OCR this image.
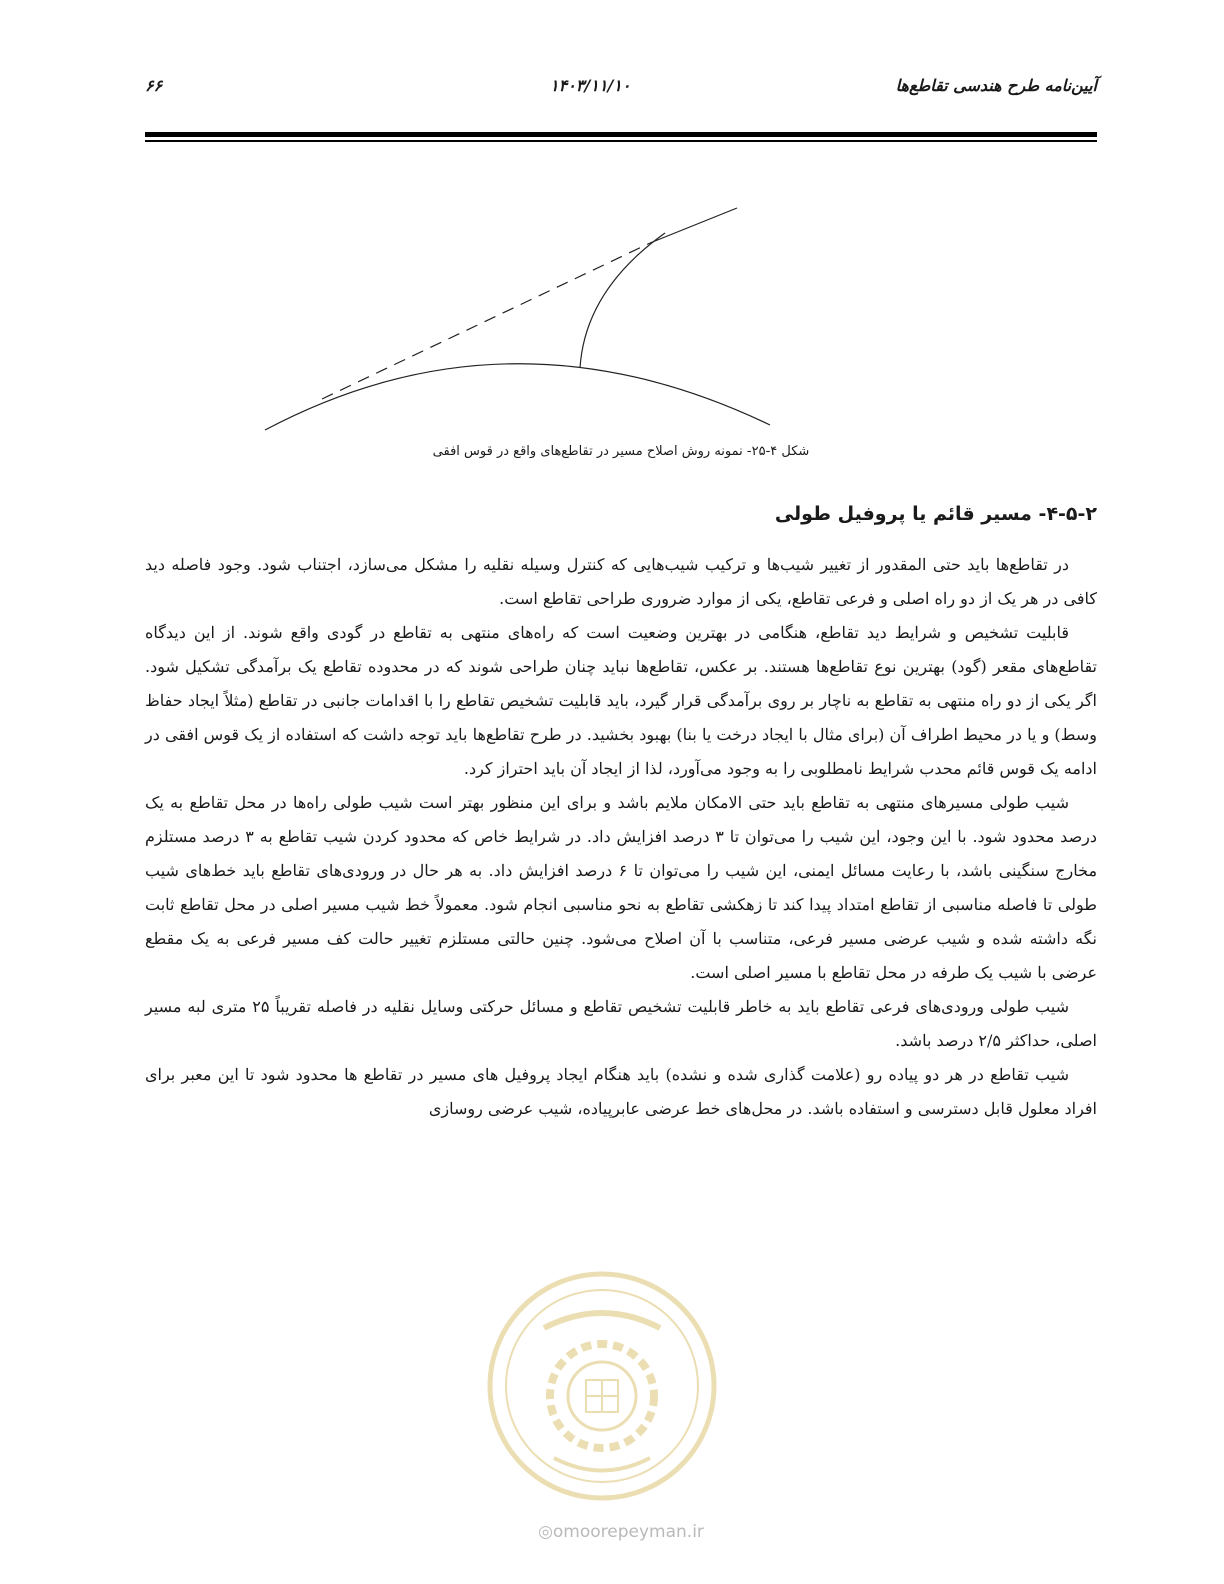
آیین‌نامه طرح هندسی تقاطع‌ها
۱۴۰۳/۱۱/۱۰
۶۶
شکل ۴-۲۵- نمونه روش اصلاح مسیر در تقاطع‌های واقع در قوس افقی
۴-۵-۲- مسیر قائم یا پروفیل طولی

در تقاطع‌ها باید حتی المقدور از تغییر شیب‌ها و ترکیب شیب‌هایی که کنترل وسیله نقلیه را مشکل می‌سازد، اجتناب شود. وجود فاصله دید کافی در هر یک از دو راه اصلی و فرعی تقاطع، یکی از موارد ضروری طراحی تقاطع است.

قابلیت تشخیص و شرایط دید تقاطع، هنگامی در بهترین وضعیت است که راه‌های منتهی به تقاطع در گودی واقع شوند. از این دیدگاه تقاطع‌های مقعر (گود) بهترین نوع تقاطع‌ها هستند. بر عکس، تقاطع‌ها نباید چنان طراحی شوند که در محدوده تقاطع یک برآمدگی تشکیل شود. اگر یکی از دو راه منتهی به تقاطع به ناچار بر روی برآمدگی قرار گیرد، باید قابلیت تشخیص تقاطع را با اقدامات جانبی در تقاطع (مثلاً ایجاد حفاظ وسط) و یا در محیط اطراف آن (برای مثال با ایجاد درخت یا بنا) بهبود بخشید. در طرح تقاطع‌ها باید توجه داشت که استفاده از یک قوس افقی در ادامه یک قوس قائم محدب شرایط نامطلوبی را به وجود می‌آورد، لذا از ایجاد آن باید احتراز کرد.

شیب طولی مسیرهای منتهی به تقاطع باید حتی الامکان ملایم باشد و برای این منظور بهتر است شیب طولی راه‌ها در محل تقاطع به یک درصد محدود شود. با این وجود، این شیب را می‌توان تا ۳ درصد افزایش داد. در شرایط خاص که محدود کردن شیب تقاطع به ۳ درصد مستلزم مخارج سنگینی باشد، با رعایت مسائل ایمنی، این شیب را می‌توان تا ۶ درصد افزایش داد. به هر حال در ورودی‌های تقاطع باید خط‌های شیب طولی تا فاصله مناسبی از تقاطع امتداد پیدا کند تا زهکشی تقاطع به نحو مناسبی انجام شود. معمولاً خط شیب مسیر اصلی در محل تقاطع ثابت نگه داشته شده و شیب عرضی مسیر فرعی، متناسب با آن اصلاح می‌شود. چنین حالتی مستلزم تغییر حالت کف مسیر فرعی به یک مقطع عرضی با شیب یک طرفه در محل تقاطع با مسیر اصلی است.

شیب طولی ورودی‌های فرعی تقاطع باید به خاطر قابلیت تشخیص تقاطع و مسائل حرکتی وسایل نقلیه در فاصله تقریباً ۲۵ متری لبه مسیر اصلی، حداکثر ۲/۵ درصد باشد.

شیب تقاطع در هر دو پیاده رو (علامت گذاری شده و نشده) باید هنگام ایجاد پروفیل های مسیر در تقاطع ها محدود شود تا این معبر برای افراد معلول قابل دسترسی و استفاده باشد. در محل‌های خط عرضی عابرپیاده، شیب عرضی روسازی

◎omoorepeyman.ir
